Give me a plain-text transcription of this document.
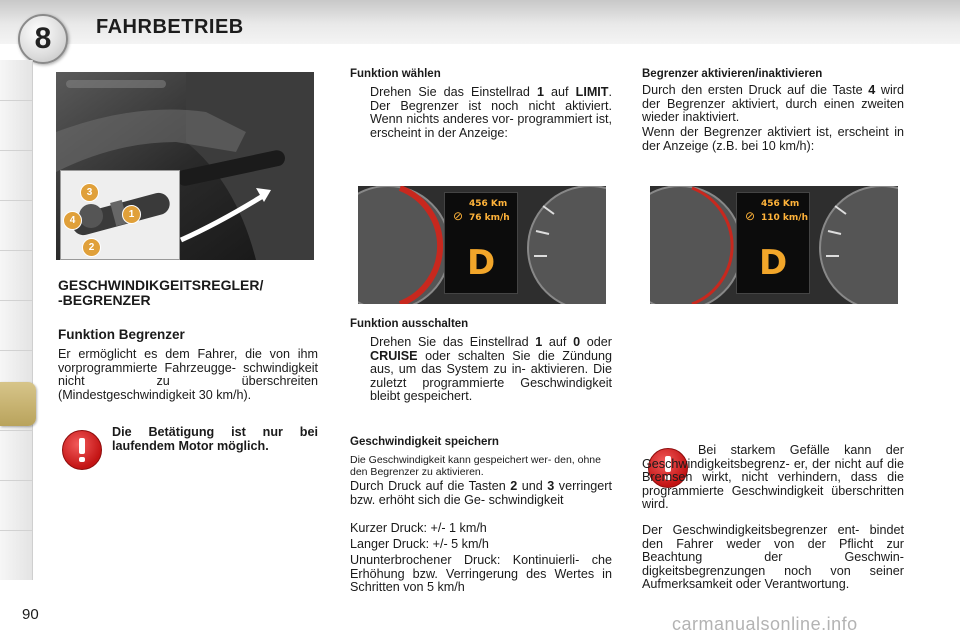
8	FAHRBETRIEB
3
4
1
2
GESCHWINDIKGEITSREGLER/
-BEGRENZER
Funktion Begrenzer

Er ermöglicht es dem Fahrer, die von ihm vorprogrammierte Fahrzeugge- schwindigkeit nicht zu überschreiten (Mindestgeschwindigkeit 30 km/h).

Die Betätigung ist nur bei laufendem Motor möglich.

Funktion wählen

Drehen Sie das Einstellrad 1 auf LIMIT. Der Begrenzer ist noch nicht aktiviert. Wenn nichts anderes vor- programmiert ist, erscheint in der Anzeige:

⊘
456 Km
76 km/h
D
Funktion ausschalten

Drehen Sie das Einstellrad 1 auf 0 oder CRUISE oder schalten Sie die Zündung aus, um das System zu in- aktivieren. Die zuletzt programmierte Geschwindigkeit bleibt gespeichert.

Geschwindigkeit speichern

Die Geschwindigkeit kann gespeichert wer- den, ohne den Begrenzer zu aktivieren.

Durch Druck auf die Tasten 2 und 3 verringert bzw. erhöht sich die Ge- schwindigkeit

Kurzer Druck: +/- 1 km/h

Langer Druck: +/- 5 km/h

Ununterbrochener Druck: Kontinuierli- che Erhöhung bzw. Verringerung des Wertes in Schritten von 5 km/h

Begrenzer aktivieren/inaktivieren

Durch den ersten Druck auf die Taste 4 wird der Begrenzer aktiviert, durch einen zweiten wieder inaktiviert.

Wenn der Begrenzer aktiviert ist, erscheint in der Anzeige (z.B. bei 10 km/h):

⊘
456 Km
110 km/h
D

Bei starkem Gefälle kann der Geschwindigkeitsbegrenz- er, der nicht auf die Bremsen wirkt, nicht verhindern, dass die programmierte Geschwindigkeit überschritten wird.

Der Geschwindigkeitsbegrenzer ent- bindet den Fahrer weder von der Pflicht zur Beachtung der Geschwin- digkeitsbegrenzungen noch von seiner Aufmerksamkeit oder Verantwortung.

90	carmanualsonline.info
